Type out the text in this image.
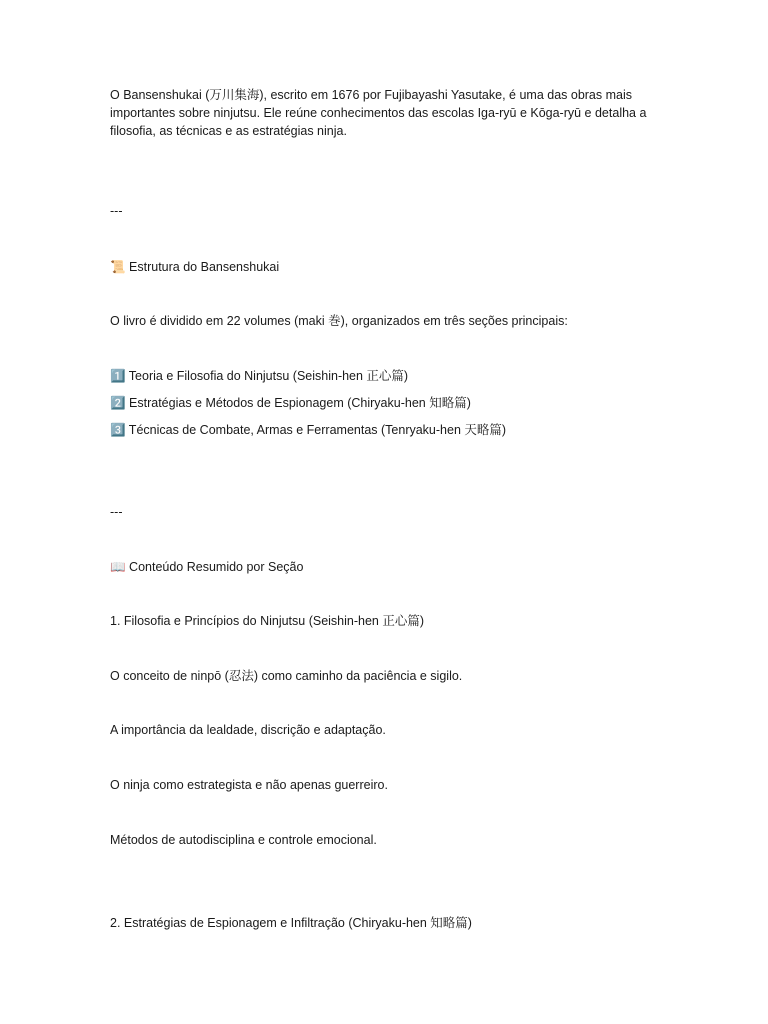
O Bansenshukai (万川集海), escrito em 1676 por Fujibayashi Yasutake, é uma das obras mais importantes sobre ninjutsu. Ele reúne conhecimentos das escolas Iga-ryū e Kōga-ryū e detalha a filosofia, as técnicas e as estratégias ninja.

---
📜 Estrutura do Bansenshukai
O livro é dividido em 22 volumes (maki 巻), organizados em três seções principais:
1️⃣ Teoria e Filosofia do Ninjutsu (Seishin-hen 正心篇)
2️⃣ Estratégias e Métodos de Espionagem (Chiryaku-hen 知略篇)
3️⃣ Técnicas de Combate, Armas e Ferramentas (Tenryaku-hen 天略篇)
---
📖 Conteúdo Resumido por Seção
1. Filosofia e Princípios do Ninjutsu (Seishin-hen 正心篇)
O conceito de ninpō (忍法) como caminho da paciência e sigilo.
A importância da lealdade, discrição e adaptação.
O ninja como estrategista e não apenas guerreiro.
Métodos de autodisciplina e controle emocional.
2. Estratégias de Espionagem e Infiltração (Chiryaku-hen 知略篇)
